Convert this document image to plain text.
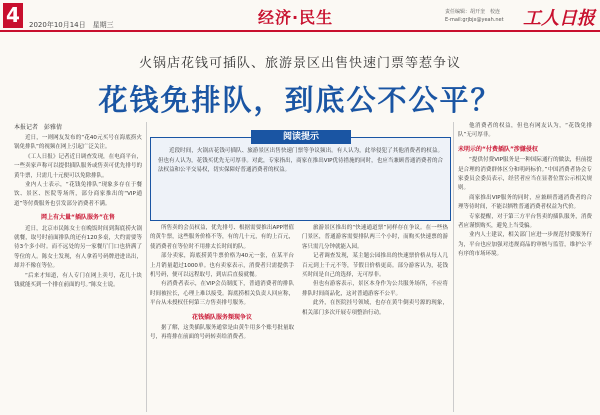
4	2020年10月14日　星期三	经济·民生	责任编辑：胡开奎　校连
E-mail:grjbjx@yeah.net 工人日报
火锅店花钱可插队、旅游景区出售快速门票等惹争议
花钱免排队，到底公不公平？
本报记者　彭雅倩

近日，一则网友发布的“花40元买号在海底捞火锅免排队”的视频在网上引起广泛关注。

《工人日报》记者近日调查发现，在电商平台，一些卖家声称可以提供插队服务或售卖可优先排号的黄牛票，只需几十元便可以免除排队。

业内人士表示，“花钱免排队”现象多存在于餐饮、景区、医院等场所，部分商家推出的“VIP通道”等付费服务也引发部分消费者不满。

网上有大量“插队服务”在售

近日，北京市民陈女士在晚饭时间到海底捞火锅就餐，取号时前面排队的还有120多桌，大约需要等待3个多小时。而不远处的另一家餐厅门口也挤满了等位的人。陈女士发现，有人拿着号码牌进进出出，却并不像在等位。

“后来才知道，有人专门在网上卖号，花几十块钱就能买到一个排在前面的号。”陈女士说。

阅读提示
近段时间，火锅店花钱可插队、旅游景区出售快速门票等争议频出。有人认为，此举侵犯了其他消费者的权益。但也有人认为，花钱买优先无可厚非。对此，专家指出，商家在推出VIP优待措施的同时，也应当兼顾普通消费者的合法权益和公平交易权，切实保障好普通消费者的权益。

所售卖的会员权益，优先排号、根据需要推出APP增值的黄牛票，这些服务价格不等，有的几十元，有的上百元，使消费者在等位时不用排太长时间的队。

部分卖家，海底捞黄牛票价格为40元一张，在某平台上月销量超过1000单。也有卖家表示，消费者只需提供手机号码，便可以远程取号，到店后直接就餐。

有消费者表示，在VIP会员制度下，普通消费者的排队时间被拉长，心理上难以接受。海底捞相关负责人回应称，平台从未授权任何第三方售卖排号服务。

花钱插队服务频现争议

据了解，这类插队服务通常是由黄牛用多个账号批量取号，再将排在前面的号码转卖给消费者。

旅游景区推出的“快速通道票”同样存在争议。在一些热门景区，普通游客需要排队两三个小时，而购买快速票的游客只需几分钟就能入园。

记者调查发现，某主题公园推出的快速票价格从每人几百元到上千元不等，节假日价格更高。部分游客认为，花钱买时间是自己的选择，无可厚非。

但也有游客表示，景区本身作为公共服务场所，不应将排队时间商品化，这对普通游客不公平。

此外，在医院挂号领域，也存在黄牛倒卖号源的现象，相关部门多次开展专项整治行动。

他消费者的权益，但也有网友认为，“花钱免排队”无可厚非。

未明示的“付费插队”涉嫌侵权

“提供付费VIP服务是一种国际通行的做法，但前提是合理的消费群体区分和明码标价。”中国消费者协会专家委员会委员表示，经营者应当在显著位置公示相关规则。

商家推出VIP服务的同时，应兼顾普通消费者的合理等待时间，不能以牺牲普通消费者权益为代价。

专家提醒，对于第三方平台售卖的插队服务，消费者应谨慎购买，避免上当受骗。

业内人士建议，相关部门应进一步规范付费服务行为，平台也应加强对违规商品的审核与监管，维护公平有序的市场环境。
